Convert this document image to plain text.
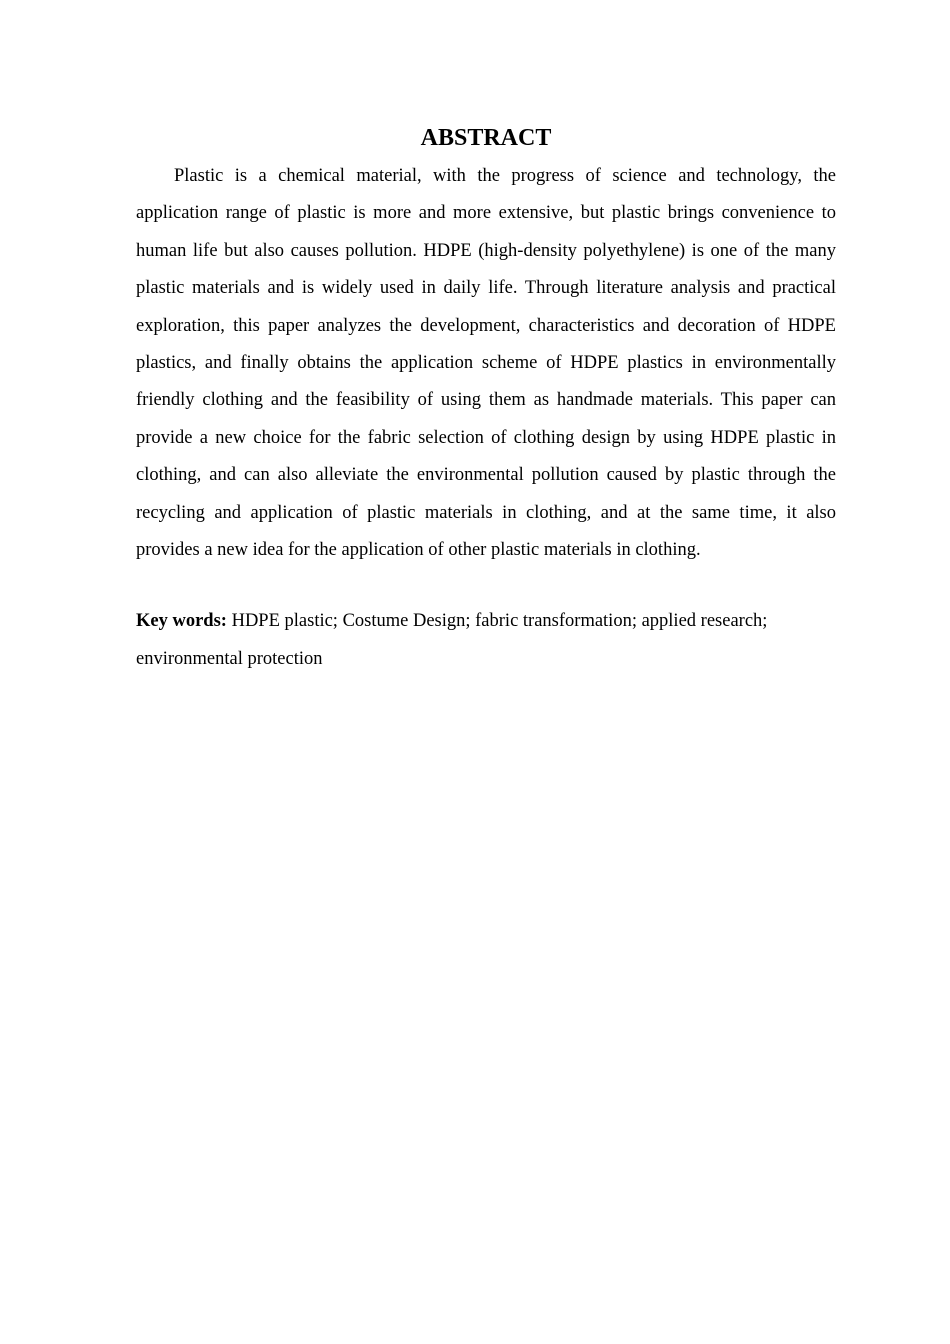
ABSTRACT

Plastic is a chemical material, with the progress of science and technology, the application range of plastic is more and more extensive, but plastic brings convenience to human life but also causes pollution. HDPE (high-density polyethylene) is one of the many plastic materials and is widely used in daily life. Through literature analysis and practical exploration, this paper analyzes the development, characteristics and decoration of HDPE plastics, and finally obtains the application scheme of HDPE plastics in environmentally friendly clothing and the feasibility of using them as handmade materials. This paper can provide a new choice for the fabric selection of clothing design by using HDPE plastic in clothing, and can also alleviate the environmental pollution caused by plastic through the recycling and application of plastic materials in clothing, and at the same time, it also provides a new idea for the application of other plastic materials in clothing.

Key words: HDPE plastic; Costume Design; fabric transformation; applied research; environmental protection
